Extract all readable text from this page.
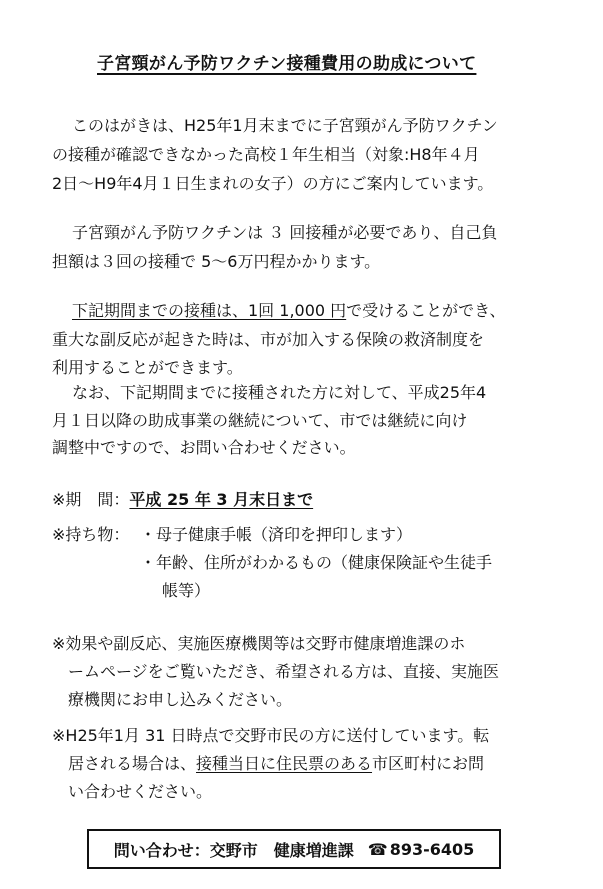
子宮頸がん予防ワクチン接種費用の助成について
このはがきは、H25年1月末までに子宮頸がん予防ワクチン
の接種が確認できなかった高校１年生相当（対象:H8年４月
2日～H9年4月１日生まれの女子）の方にご案内しています。
子宮頸がん予防ワクチンは ３ 回接種が必要であり、自己負
担額は３回の接種で 5～6万円程かかります。
下記期間までの接種は、1回 1,000 円で受けることができ、
重大な副反応が起きた時は、市が加入する保険の救済制度を
利用することができます。
なお、下記期間までに接種された方に対して、平成25年4
月１日以降の助成事業の継続について、市では継続に向け
調整中ですので、お問い合わせください。
※期　間：平成 25 年 3 月末日まで
※持ち物： ・母子健康手帳（済印を押印します）
・年齢、住所がわかるもの（健康保険証や生徒手
帳等）
※効果や副反応、実施医療機関等は交野市健康増進課のホ
ームページをご覧いただき、希望される方は、直接、実施医
療機関にお申し込みください。
※H25年1月 31 日時点で交野市民の方に送付しています。転
居される場合は、接種当日に住民票のある市区町村にお問
い合わせください。
問い合わせ：交野市　健康増進課 ☎ 893-6405
